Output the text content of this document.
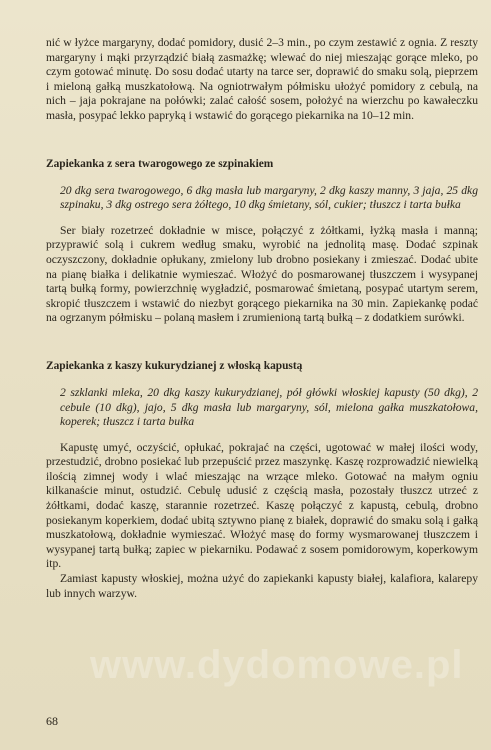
nić w łyżce margaryny, dodać pomidory, dusić 2–3 min., po czym zestawić z ognia. Z reszty margaryny i mąki przyrządzić białą zasmażkę; wlewać do niej mieszając gorące mleko, po czym gotować minutę. Do sosu dodać utarty na tarce ser, doprawić do smaku solą, pieprzem i mieloną gałką muszkatołową. Na ogniotrwałym półmisku ułożyć pomidory z cebulą, na nich – jaja pokrajane na połówki; zalać całość sosem, położyć na wierzchu po kawałeczku masła, posypać lekko papryką i wstawić do gorącego piekarnika na 10–12 min.

Zapiekanka z sera twarogowego ze szpinakiem

20 dkg sera twarogowego, 6 dkg masła lub margaryny, 2 dkg kaszy manny, 3 jaja, 25 dkg szpinaku, 3 dkg ostrego sera żółtego, 10 dkg śmietany, sól, cukier; tłuszcz i tarta bułka

Ser biały rozetrzeć dokładnie w misce, połączyć z żółtkami, łyżką masła i manną; przyprawić solą i cukrem według smaku, wyrobić na jednolitą masę. Dodać szpinak oczyszczony, dokładnie opłukany, zmielony lub drobno posiekany i zmieszać. Dodać ubite na pianę białka i delikatnie wymieszać. Włożyć do posmarowanej tłuszczem i wysypanej tartą bułką formy, powierzchnię wygładzić, posmarować śmietaną, posypać utartym serem, skropić tłuszczem i wstawić do niezbyt gorącego piekarnika na 30 min. Zapiekankę podać na ogrzanym półmisku – polaną masłem i zrumienioną tartą bułką – z dodatkiem surówki.

Zapiekanka z kaszy kukurydzianej z włoską kapustą

2 szklanki mleka, 20 dkg kaszy kukurydzianej, pół główki włoskiej kapusty (50 dkg), 2 cebule (10 dkg), jajo, 5 dkg masła lub margaryny, sól, mielona gałka muszkatołowa, koperek; tłuszcz i tarta bułka

Kapustę umyć, oczyścić, opłukać, pokrajać na części, ugotować w małej ilości wody, przestudzić, drobno posiekać lub przepuścić przez maszynkę. Kaszę rozprowadzić niewielką ilością zimnej wody i wlać mieszając na wrzące mleko. Gotować na małym ogniu kilkanaście minut, ostudzić. Cebulę udusić z częścią masła, pozostały tłuszcz utrzeć z żółtkami, dodać kaszę, starannie rozetrzeć. Kaszę połączyć z kapustą, cebulą, drobno posiekanym koperkiem, dodać ubitą sztywno pianę z białek, doprawić do smaku solą i gałką muszkatołową, dokładnie wymieszać. Włożyć masę do formy wysmarowanej tłuszczem i wysypanej tartą bułką; zapiec w piekarniku. Podawać z sosem pomidorowym, koperkowym itp.

Zamiast kapusty włoskiej, można użyć do zapiekanki kapusty białej, kalafiora, kalarepy lub innych warzyw.

www.dydomowe.pl
68
